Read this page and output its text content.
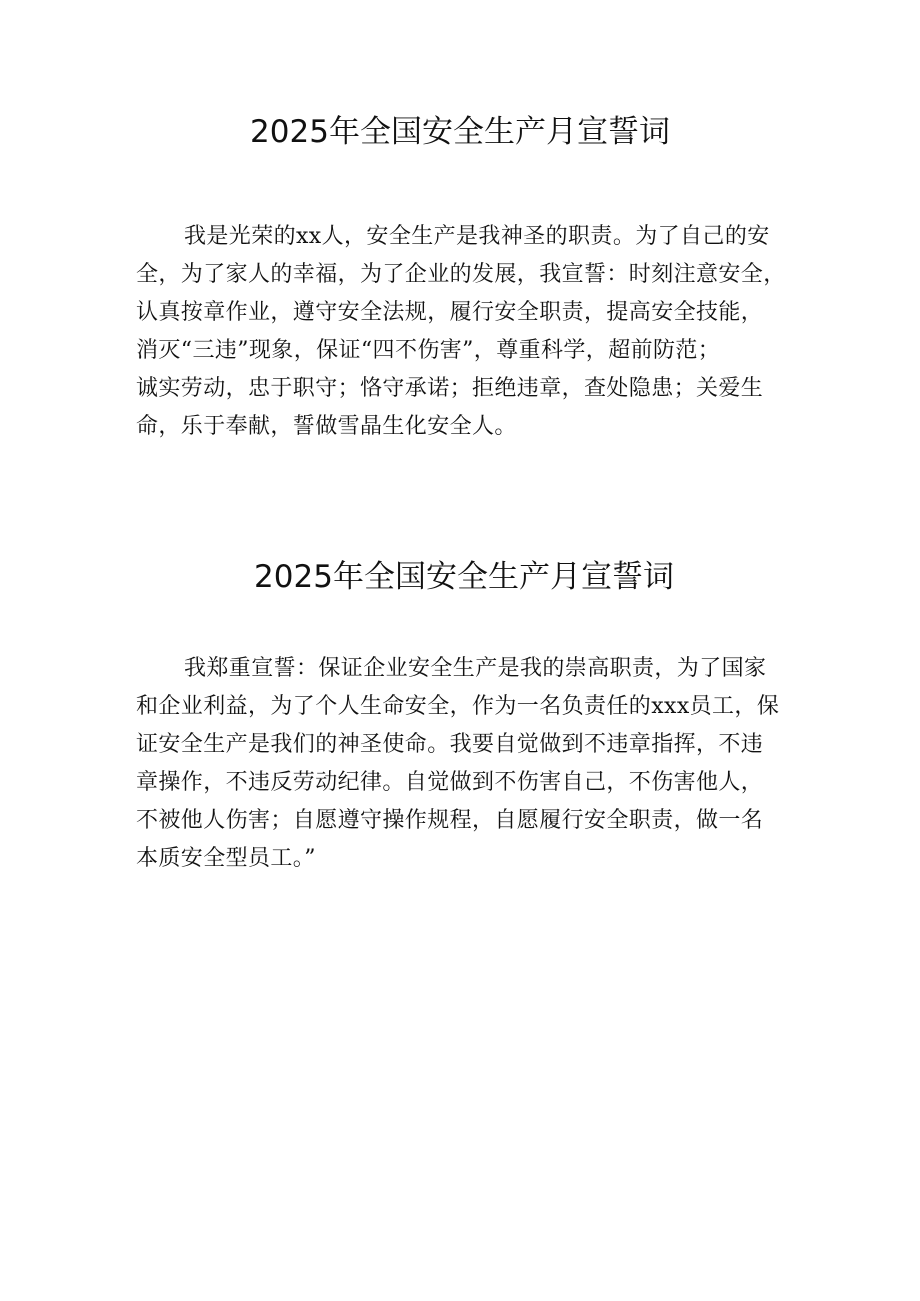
2025年全国安全生产月宣誓词
我是光荣的xx人，安全生产是我神圣的职责。为了自己的安
全，为了家人的幸福，为了企业的发展，我宣誓：时刻注意安全，
认真按章作业，遵守安全法规，履行安全职责，提高安全技能，
消灭“三违”现象，保证“四不伤害”，尊重科学，超前防范；
诚实劳动，忠于职守；恪守承诺；拒绝违章，查处隐患；关爱生
命，乐于奉献，誓做雪晶生化安全人。
2025年全国安全生产月宣誓词
我郑重宣誓：保证企业安全生产是我的崇高职责，为了国家
和企业利益，为了个人生命安全，作为一名负责任的xxx员工，保
证安全生产是我们的神圣使命。我要自觉做到不违章指挥，不违
章操作，不违反劳动纪律。自觉做到不伤害自己，不伤害他人，
不被他人伤害；自愿遵守操作规程，自愿履行安全职责，做一名
本质安全型员工。”
